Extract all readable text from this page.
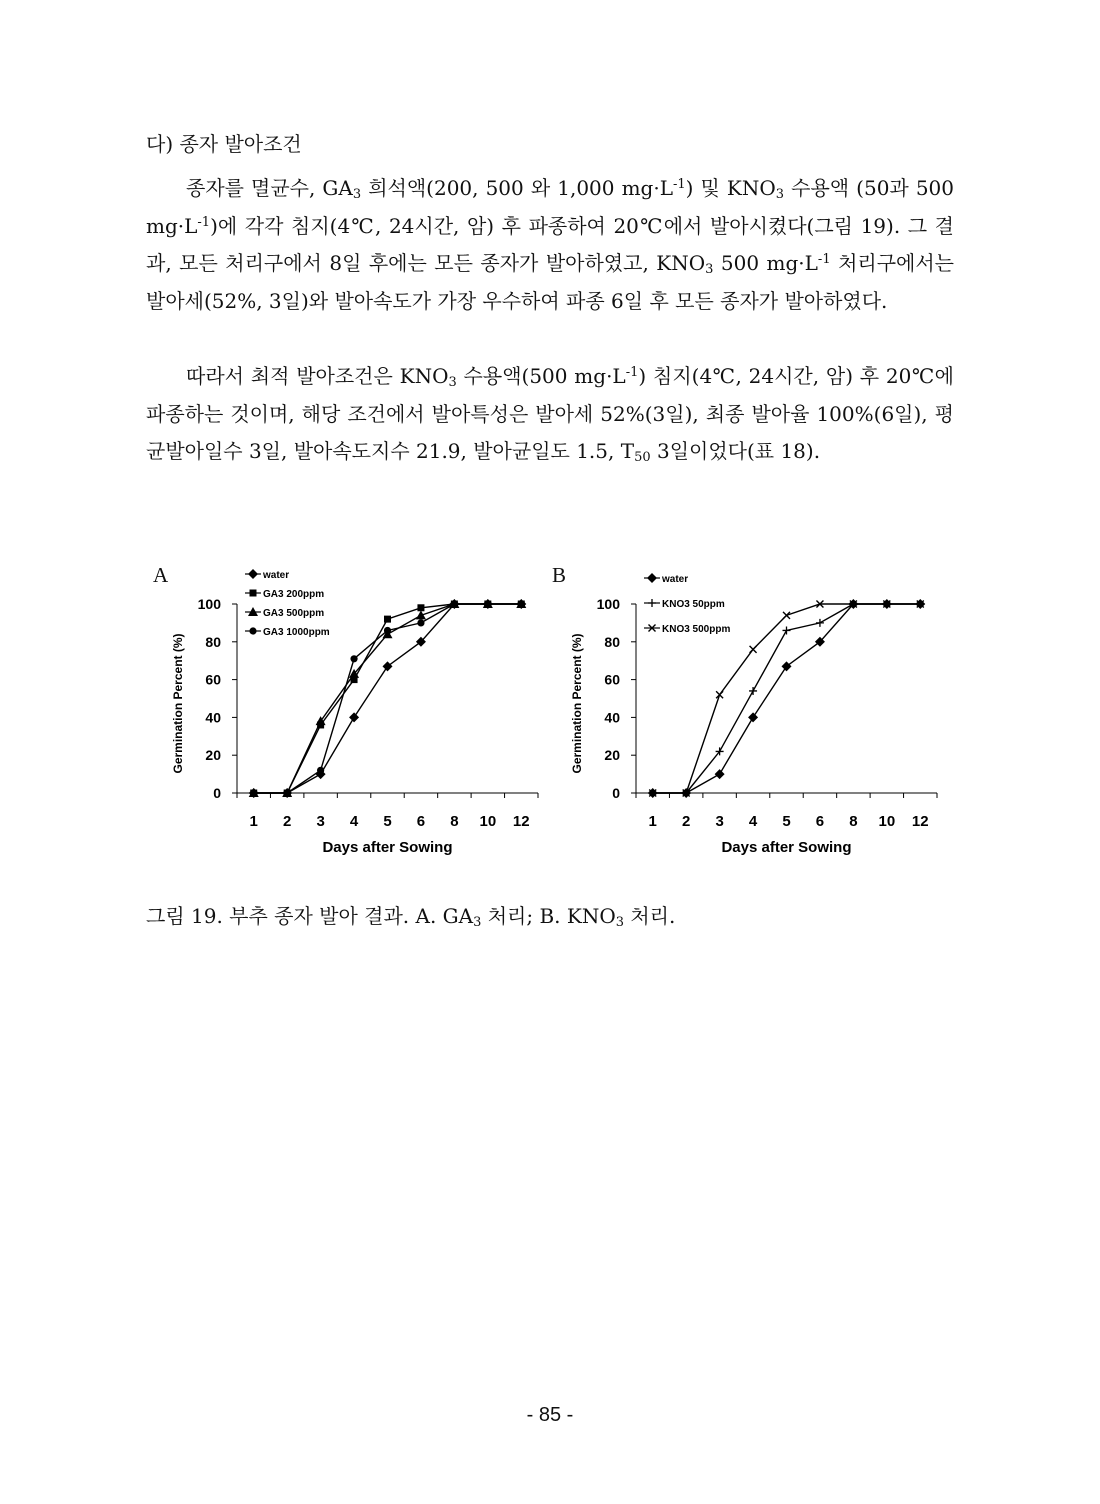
다) 종자 발아조건
종자를 멸균수, $GA_3$ 희석액(200, 500 와 1,000 $mg\cdot L^{-1}$) 및 $KNO_3$ 수용액 (50과 500 $mg\cdot L^{-1}$)에 각각 침지(4℃, 24시간, 암) 후 파종하여 20℃에서 발아시켰다(그림 19). 그 결과, 모든 처리구에서 8일 후에는 모든 종자가 발아하였고, $KNO_3$ 500 $mg\cdot L^{-1}$ 처리구에서는 발아세(52%, 3일)와 발아속도가 가장 우수하여 파종 6일 후 모든 종자가 발아하였다.
따라서 최적 발아조건은 $KNO_3$ 수용액(500 $mg\cdot L^{-1}$) 침지(4℃, 24시간, 암) 후 20℃에 파종하는 것이며, 해당 조건에서 발아특성은 발아세 52%(3일), 최종 발아율 100%(6일), 평균발아일수 3일, 발아속도지수 21.9, 발아균일도 1.5, $T_{50}$ 3일이었다(표 18).
A	B
0
20
40
60
80
100
1 2 3 4 5 6 8 10 12
Days after Sowing
Germination Percent (%)
water
GA3 200ppm
GA3 500ppm
GA3 1000ppm
0
20
40
60
80
100
1 2 3 4 5 6 8 10 12
Days after Sowing
Germination Percent (%)
water
KNO3 50ppm
KNO3 500ppm
그림 19. 부추 종자 발아 결과. A. $GA_3$ 처리; B. $KNO_3$ 처리.
- 85 -
